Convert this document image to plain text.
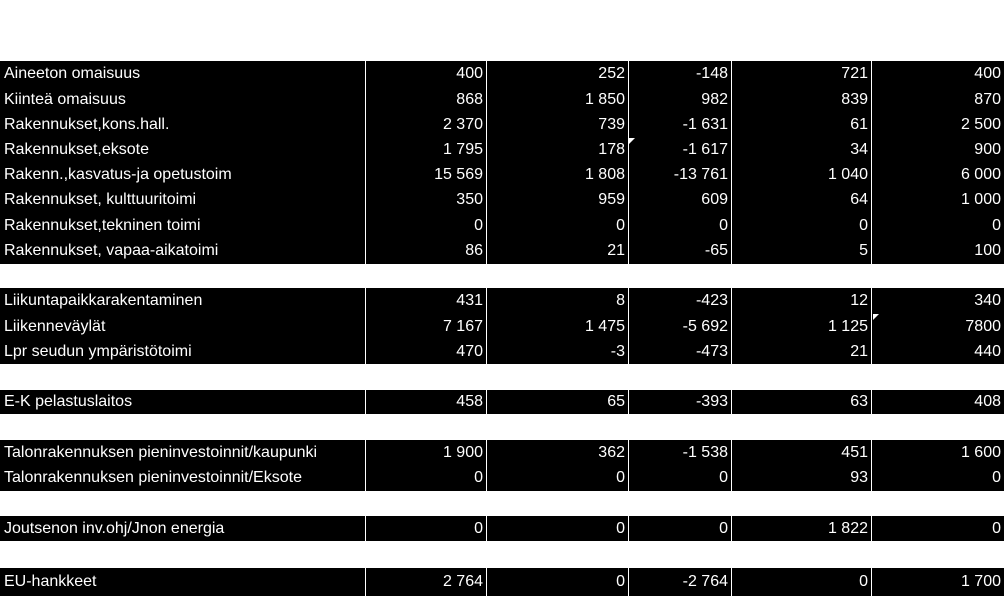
Aineeton omaisuus	400	252	-148	721	400
Kiinteä omaisuus	868	1 850	982	839	870
Rakennukset,kons.hall.	2 370	739	-1 631	61	2 500
Rakennukset,eksote	1 795	178	-1 617	34	900
Rakenn.,kasvatus-ja opetustoim	15 569	1 808	-13 761	1 040	6 000
Rakennukset, kulttuuritoimi	350	959	609	64	1 000
Rakennukset,tekninen toimi	0	0	0	0	0
Rakennukset, vapaa-aikatoimi	86	21	-65	5	100
Liikuntapaikkarakentaminen	431	8	-423	12	340
Liikenneväylät	7 167	1 475	-5 692	1 125	7800
Lpr seudun ympäristötoimi	470	-3	-473	21	440
E-K pelastuslaitos	458	65	-393	63	408
Talonrakennuksen pieninvestoinnit/kaupunki	1 900	362	-1 538	451	1 600
Talonrakennuksen pieninvestoinnit/Eksote	0	0	0	93	0
Joutsenon inv.ohj/Jnon energia	0	0	0	1 822	0
EU-hankkeet	2 764	0	-2 764	0	1 700
